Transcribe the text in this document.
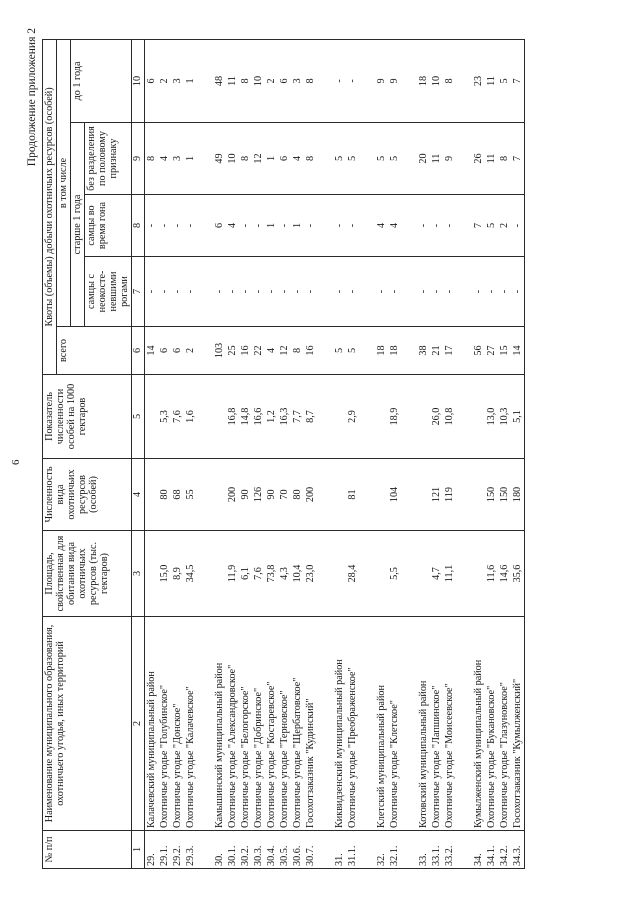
6
Продолжение приложения 2
№ п/п	Наименование муниципального образования, охотничьего угодья, иных территорий	Площадь, свойственная для обитания вида охотничьих ресурсов (тыс. гектаров)	Численность вида охотничьих ресурсов (особей)	Показатель численности особей на 1000 гектаров	Квоты (объемы) добычи охотничьих ресурсов (особей)				
					всего	в том числе			
						старше 1 года			до 1 года
						самцы с неокосте- невшими рогами	самцы во время гона	без разделения по половому признаку	
1	2	3	4	5	6	7	8	9	10
29.	Калачевский муниципальный район				14	-	-	8	6
29.1.	Охотничье угодье "Голубинское"	15,0	80	5,3	6	-	-	4	2
29.2.	Охотничье угодье "Донское"	8,9	68	7,6	6	-	-	3	3
29.3.	Охотничье угодье "Калачевское"	34,5	55	1,6	2	-	-	1	1

30.	Камышинский муниципальный район				103	-	6	49	48
30.1.	Охотничье угодье "Александровское"	11,9	200	16,8	25	-	4	10	11
30.2.	Охотничье угодье "Белогорское"	6,1	90	14,8	16	-	-	8	8
30.3.	Охотничье угодье "Добринское"	7,6	126	16,6	22	-	-	12	10
30.4.	Охотничье угодье "Костаревское"	73,8	90	1,2	4	-	1	1	2
30.5.	Охотничье угодье "Терновское"	4,3	70	16,3	12	-	-	6	6
30.6.	Охотничье угодье "Щербатовское"	10,4	80	7,7	8	-	1	4	3
30.7.	Госохотзаказник "Кудинский"	23,0	200	8,7	16	-	-	8	8

31.	Киквидзенский муниципальный район				5	-	-	5	-
31.1.	Охотничье угодье "Преображенское"	28,4	81	2,9	5	-	-	5	-

32.	Клетский муниципальный район				18	-	4	5	9
32.1.	Охотничье угодье "Клетское"	5,5	104	18,9	18	-	4	5	9

33.	Котовский муниципальный район				38	-	-	20	18
33.1.	Охотничье угодье "Лапшинское"	4,7	121	26,0	21	-	-	11	10
33.2.	Охотничье угодье "Моисеевское"	11,1	119	10,8	17	-	-	9	8

34.	Кумылженский муниципальный район				56	-	7	26	23
34.1.	Охотничье угодье "Букановское"	11,6	150	13,0	27	-	5	11	11
34.2.	Охотничье угодье "Глазуновское"	14,6	150	10,3	15	-	2	8	5
34.3.	Госохотзаказник "Кумылженский"	35,6	180	5,1	14	-	-	7	7
